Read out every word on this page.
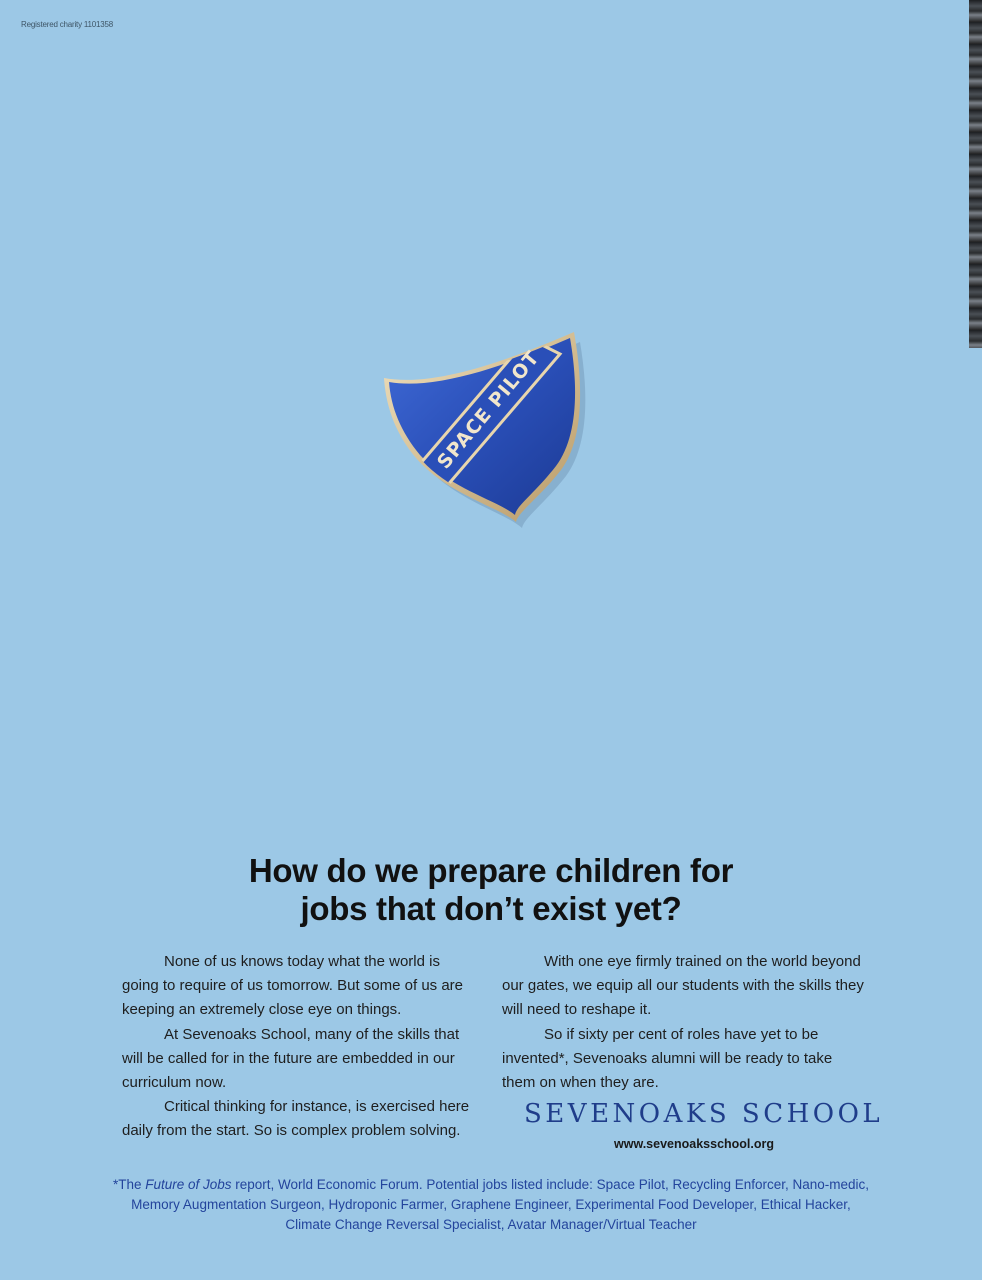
Registered charity 1101358
SPACE PILOT
How do we prepare children for
jobs that don’t exist yet?

None of us knows today what the world is going to require of us tomorrow. But some of us are keeping an extremely close eye on things.

At Sevenoaks School, many of the skills that will be called for in the future are embedded in our curriculum now.

Critical thinking for instance, is exercised here daily from the start. So is complex problem solving.

With one eye firmly trained on the world beyond our gates, we equip all our students with the skills they will need to reshape it.

So if sixty per cent of roles have yet to be invented*, Sevenoaks alumni will be ready to take them on when they are.

SEVENOAKS SCHOOL
www.sevenoaksschool.org
*The Future of Jobs report, World Economic Forum. Potential jobs listed include: Space Pilot, Recycling Enforcer, Nano-medic,
Memory Augmentation Surgeon, Hydroponic Farmer, Graphene Engineer, Experimental Food Developer, Ethical Hacker,
Climate Change Reversal Specialist, Avatar Manager/Virtual Teacher
